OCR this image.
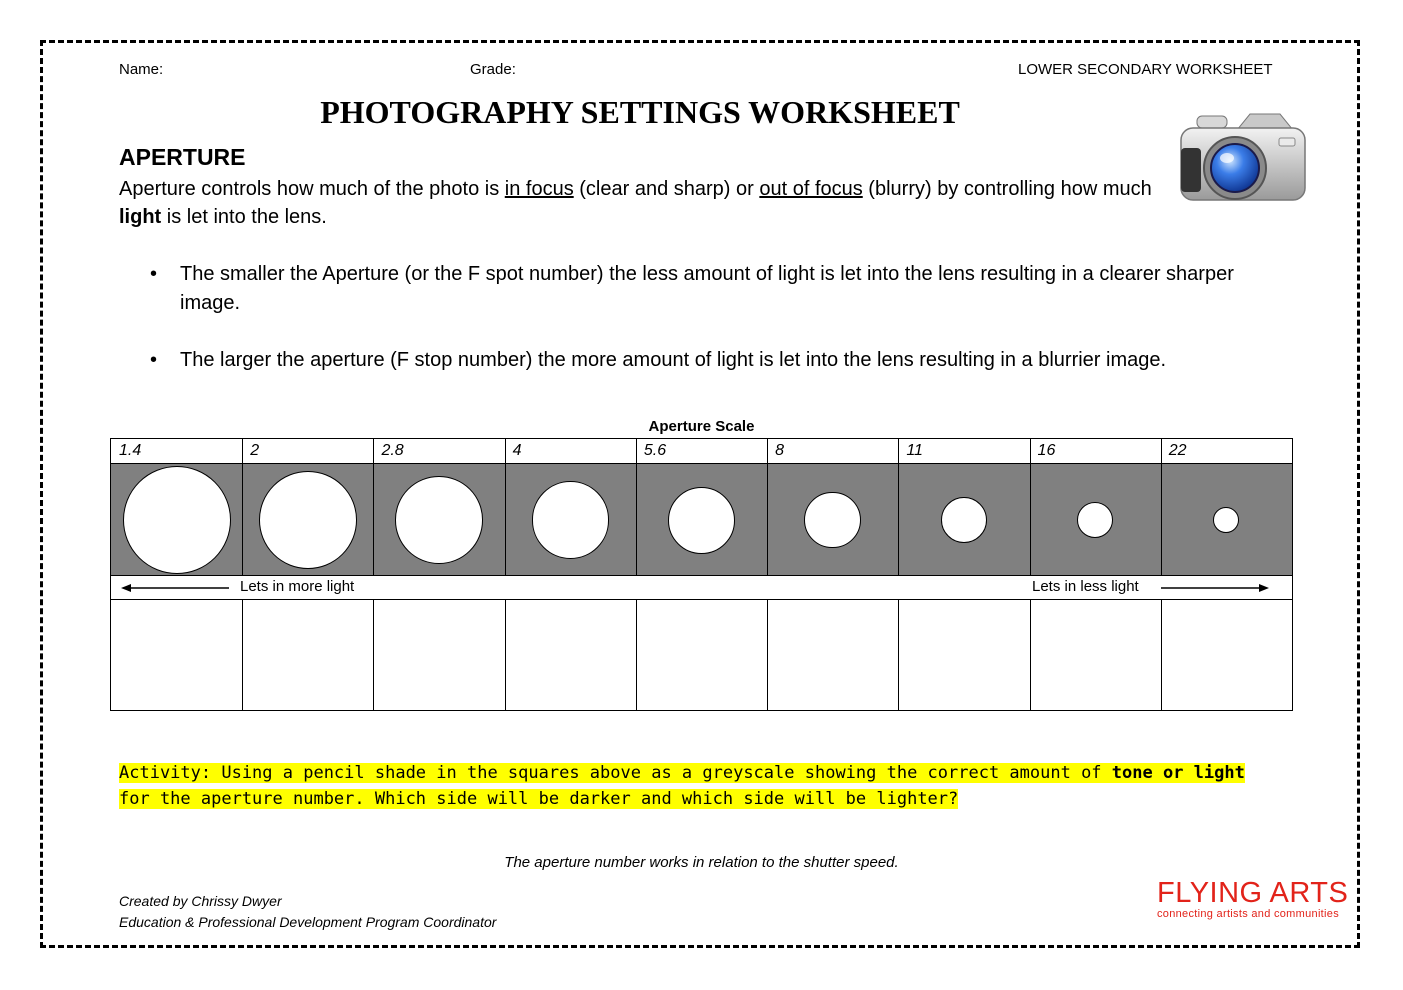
Name:	Grade:	LOWER SECONDARY WORKSHEET
PHOTOGRAPHY SETTINGS WORKSHEET
APERTURE
Aperture controls how much of the photo is in focus (clear and sharp) or out of focus (blurry) by controlling how much light is let into the lens.
• The smaller the Aperture (or the F spot number) the less amount of light is let into the lens resulting in a clearer sharper image.
• The larger the aperture (F stop number) the more amount of light is let into the lens resulting in a blurrier image.
Aperture Scale
1.4	2	2.8	4	5.6	8	11	16	22
Lets in more light	Lets in less light
Activity: Using a pencil shade in the squares above as a greyscale showing the correct amount of tone or light for the aperture number. Which side will be darker and which side will be lighter?
The aperture number works in relation to the shutter speed.
Created by Chrissy Dwyer
Education & Professional Development Program Coordinator
FLYING ARTS
connecting artists and communities
